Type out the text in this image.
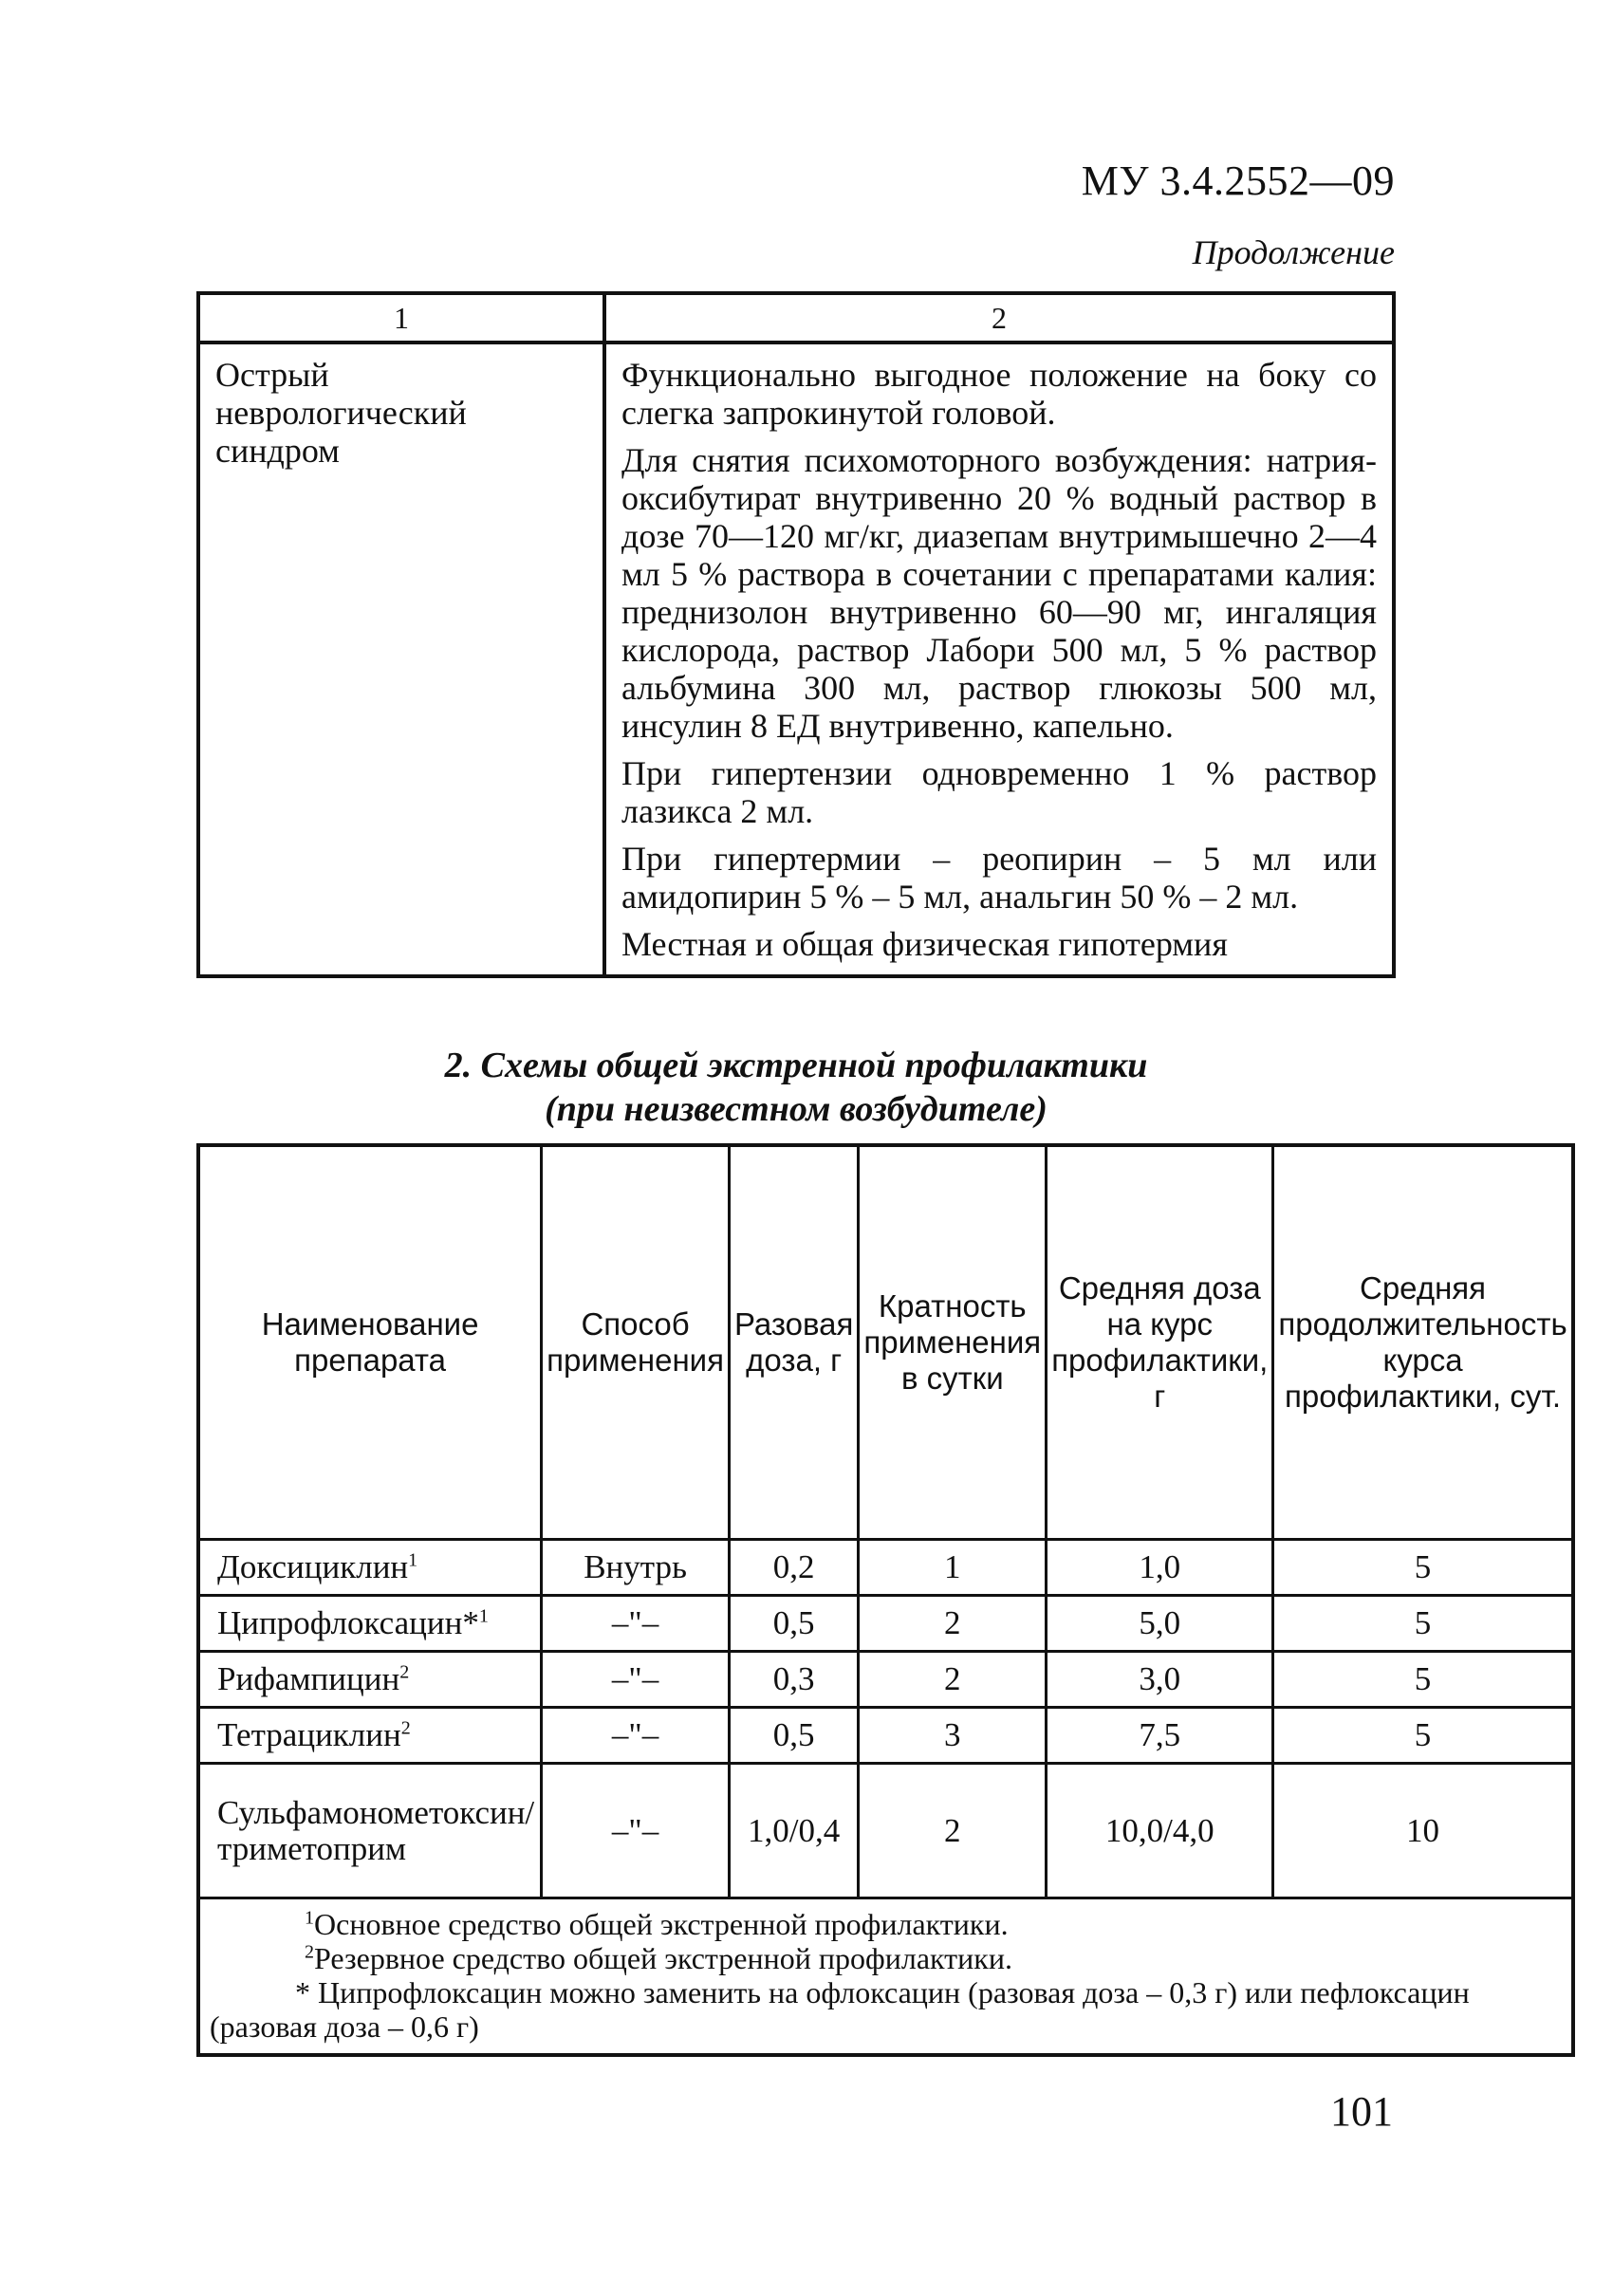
МУ 3.4.2552—09
Продолжение
1	2
Острый неврологический синдром	Функционально выгодное положение на боку со слегка запрокинутой головой.

Для снятия психомоторного возбуждения: натрия-оксибутират внутривенно 20 % водный раствор в дозе 70—120 мг/кг, диазепам внутримышечно 2—4 мл 5 % раствора в сочетании с препаратами калия: преднизолон внутривенно 60—90 мг, ингаляция кислорода, раствор Лабори 500 мл, 5 % раствор альбумина 300 мл, раствор глюкозы 500 мл, инсулин 8 ЕД внутривенно, капельно.

При гипертензии одновременно 1 % раствор лазикса 2 мл.

При гипертермии – реопирин – 5 мл или амидопирин 5 % – 5 мл, анальгин 50 % – 2 мл.

Местная и общая физическая гипотермия

2. Схемы общей экстренной профилактики
(при неизвестном возбудителе)
Наименование препарата	Способ применения	Разовая доза, г	Кратность применения в сутки	Средняя доза на курс профилактики, г	Средняя продолжительность курса профилактики, сут.
Доксициклин$^1$	Внутрь	0,2	1	1,0	5
Ципрофлоксацин*$^1$	–"–	0,5	2	5,0	5
Рифампицин$^2$	–"–	0,3	2	3,0	5
Тетрациклин$^2$	–"–	0,5	3	7,5	5
Сульфамонометоксин/триметоприм	–"–	1,0/0,4	2	10,0/4,0	10

$^1$Основное средство общей экстренной профилактики.
$^2$Резервное средство общей экстренной профилактики.
* Ципрофлоксацин можно заменить на офлоксацин (разовая доза – 0,3 г) или пефлоксацин (разовая доза – 0,6 г)					
101
